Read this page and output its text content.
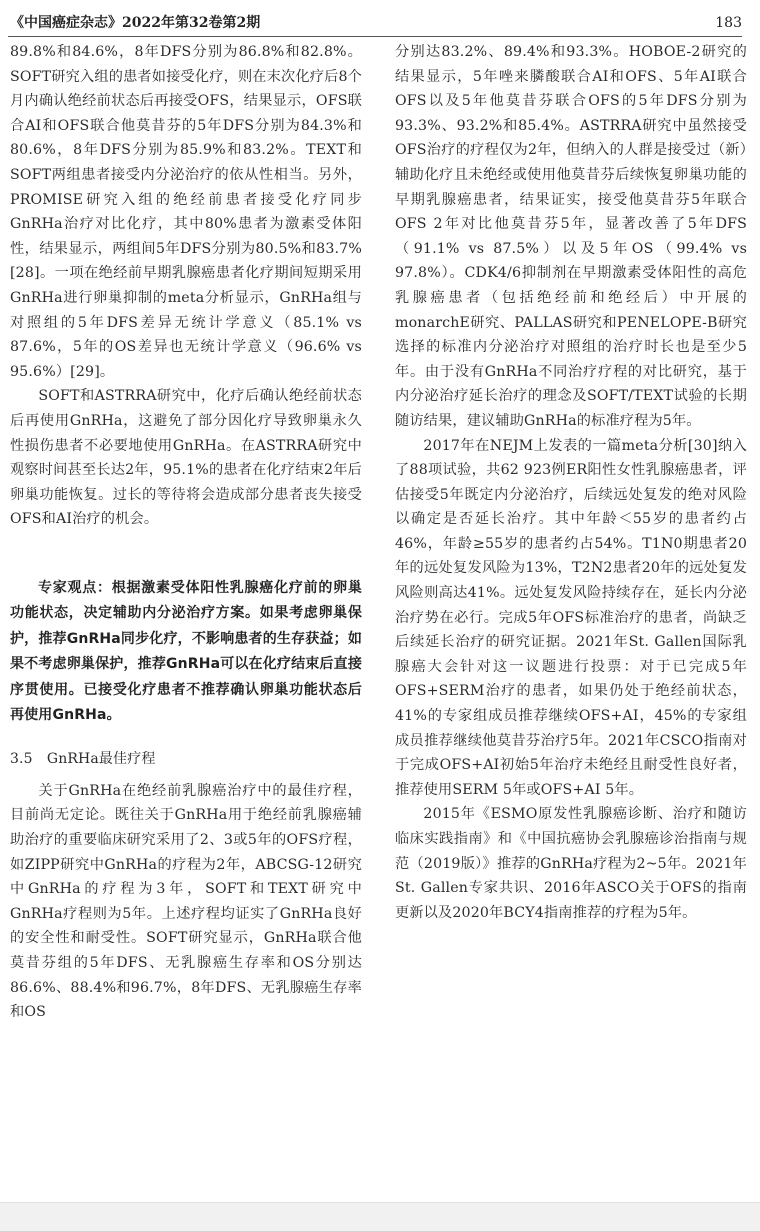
《中国癌症杂志》2022年第32卷第2期	183

89.8%和84.6%，8年DFS分别为86.8%和82.8%。SOFT研究入组的患者如接受化疗，则在末次化疗后8个月内确认绝经前状态后再接受OFS，结果显示，OFS联合AI和OFS联合他莫昔芬的5年DFS分别为84.3%和80.6%，8年DFS分别为85.9%和83.2%。TEXT和SOFT两组患者接受内分泌治疗的依从性相当。另外，PROMISE研究入组的绝经前患者接受化疗同步GnRHa治疗对比化疗，其中80%患者为激素受体阳性，结果显示，两组间5年DFS分别为80.5%和83.7%[28]。一项在绝经前早期乳腺癌患者化疗期间短期采用GnRHa进行卵巢抑制的meta分析显示，GnRHa组与对照组的5年DFS差异无统计学意义（85.1% vs 87.6%，5年的OS差异也无统计学意义（96.6% vs 95.6%）[29]。

SOFT和ASTRRA研究中，化疗后确认绝经前状态后再使用GnRHa，这避免了部分因化疗导致卵巢永久性损伤患者不必要地使用GnRHa。在ASTRRA研究中观察时间甚至长达2年，95.1%的患者在化疗结束2年后卵巢功能恢复。过长的等待将会造成部分患者丧失接受OFS和AI治疗的机会。

专家观点：根据激素受体阳性乳腺癌化疗前的卵巢功能状态，决定辅助内分泌治疗方案。如果考虑卵巢保护，推荐GnRHa同步化疗，不影响患者的生存获益；如果不考虑卵巢保护，推荐GnRHa可以在化疗结束后直接序贯使用。已接受化疗患者不推荐确认卵巢功能状态后再使用GnRHa。

3.5　GnRHa最佳疗程

关于GnRHa在绝经前乳腺癌治疗中的最佳疗程，目前尚无定论。既往关于GnRHa用于绝经前乳腺癌辅助治疗的重要临床研究采用了2、3或5年的OFS疗程，如ZIPP研究中GnRHa的疗程为2年，ABCSG-12研究中GnRHa的疗程为3年，SOFT和TEXT研究中GnRHa疗程则为5年。上述疗程均证实了GnRHa良好的安全性和耐受性。SOFT研究显示，GnRHa联合他莫昔芬组的5年DFS、无乳腺癌生存率和OS分别达86.6%、88.4%和96.7%，8年DFS、无乳腺癌生存率和OS

分别达83.2%、89.4%和93.3%。HOBOE-2研究的结果显示，5年唑来膦酸联合AI和OFS、5年AI联合OFS以及5年他莫昔芬联合OFS的5年DFS分别为93.3%、93.2%和85.4%。ASTRRA研究中虽然接受OFS治疗的疗程仅为2年，但纳入的人群是接受过（新）辅助化疗且未绝经或使用他莫昔芬后续恢复卵巢功能的早期乳腺癌患者，结果证实，接受他莫昔芬5年联合OFS 2年对比他莫昔芬5年，显著改善了5年DFS（91.1% vs 87.5%）以及5年OS（99.4% vs 97.8%）。CDK4/6抑制剂在早期激素受体阳性的高危乳腺癌患者（包括绝经前和绝经后）中开展的monarchE研究、PALLAS研究和PENELOPE-B研究选择的标准内分泌治疗对照组的治疗时长也是至少5年。由于没有GnRHa不同治疗疗程的对比研究，基于内分泌治疗延长治疗的理念及SOFT/TEXT试验的长期随访结果，建议辅助GnRHa的标准疗程为5年。

2017年在NEJM上发表的一篇meta分析[30]纳入了88项试验，共62 923例ER阳性女性乳腺癌患者，评估接受5年既定内分泌治疗，后续远处复发的绝对风险以确定是否延长治疗。其中年龄＜55岁的患者约占46%，年龄≥55岁的患者约占54%。T1N0期患者20年的远处复发风险为13%，T2N2患者20年的远处复发风险则高达41%。远处复发风险持续存在，延长内分泌治疗势在必行。完成5年OFS标准治疗的患者，尚缺乏后续延长治疗的研究证据。2021年St. Gallen国际乳腺癌大会针对这一议题进行投票：对于已完成5年OFS+SERM治疗的患者，如果仍处于绝经前状态，41%的专家组成员推荐继续OFS+AI，45%的专家组成员推荐继续他莫昔芬治疗5年。2021年CSCO指南对于完成OFS+AI初始5年治疗未绝经且耐受性良好者，推荐使用SERM 5年或OFS+AI 5年。

2015年《ESMO原发性乳腺癌诊断、治疗和随访临床实践指南》和《中国抗癌协会乳腺癌诊治指南与规范（2019版）》推荐的GnRHa疗程为2~5年。2021年St. Gallen专家共识、2016年ASCO关于OFS的指南更新以及2020年BCY4指南推荐的疗程为5年。
